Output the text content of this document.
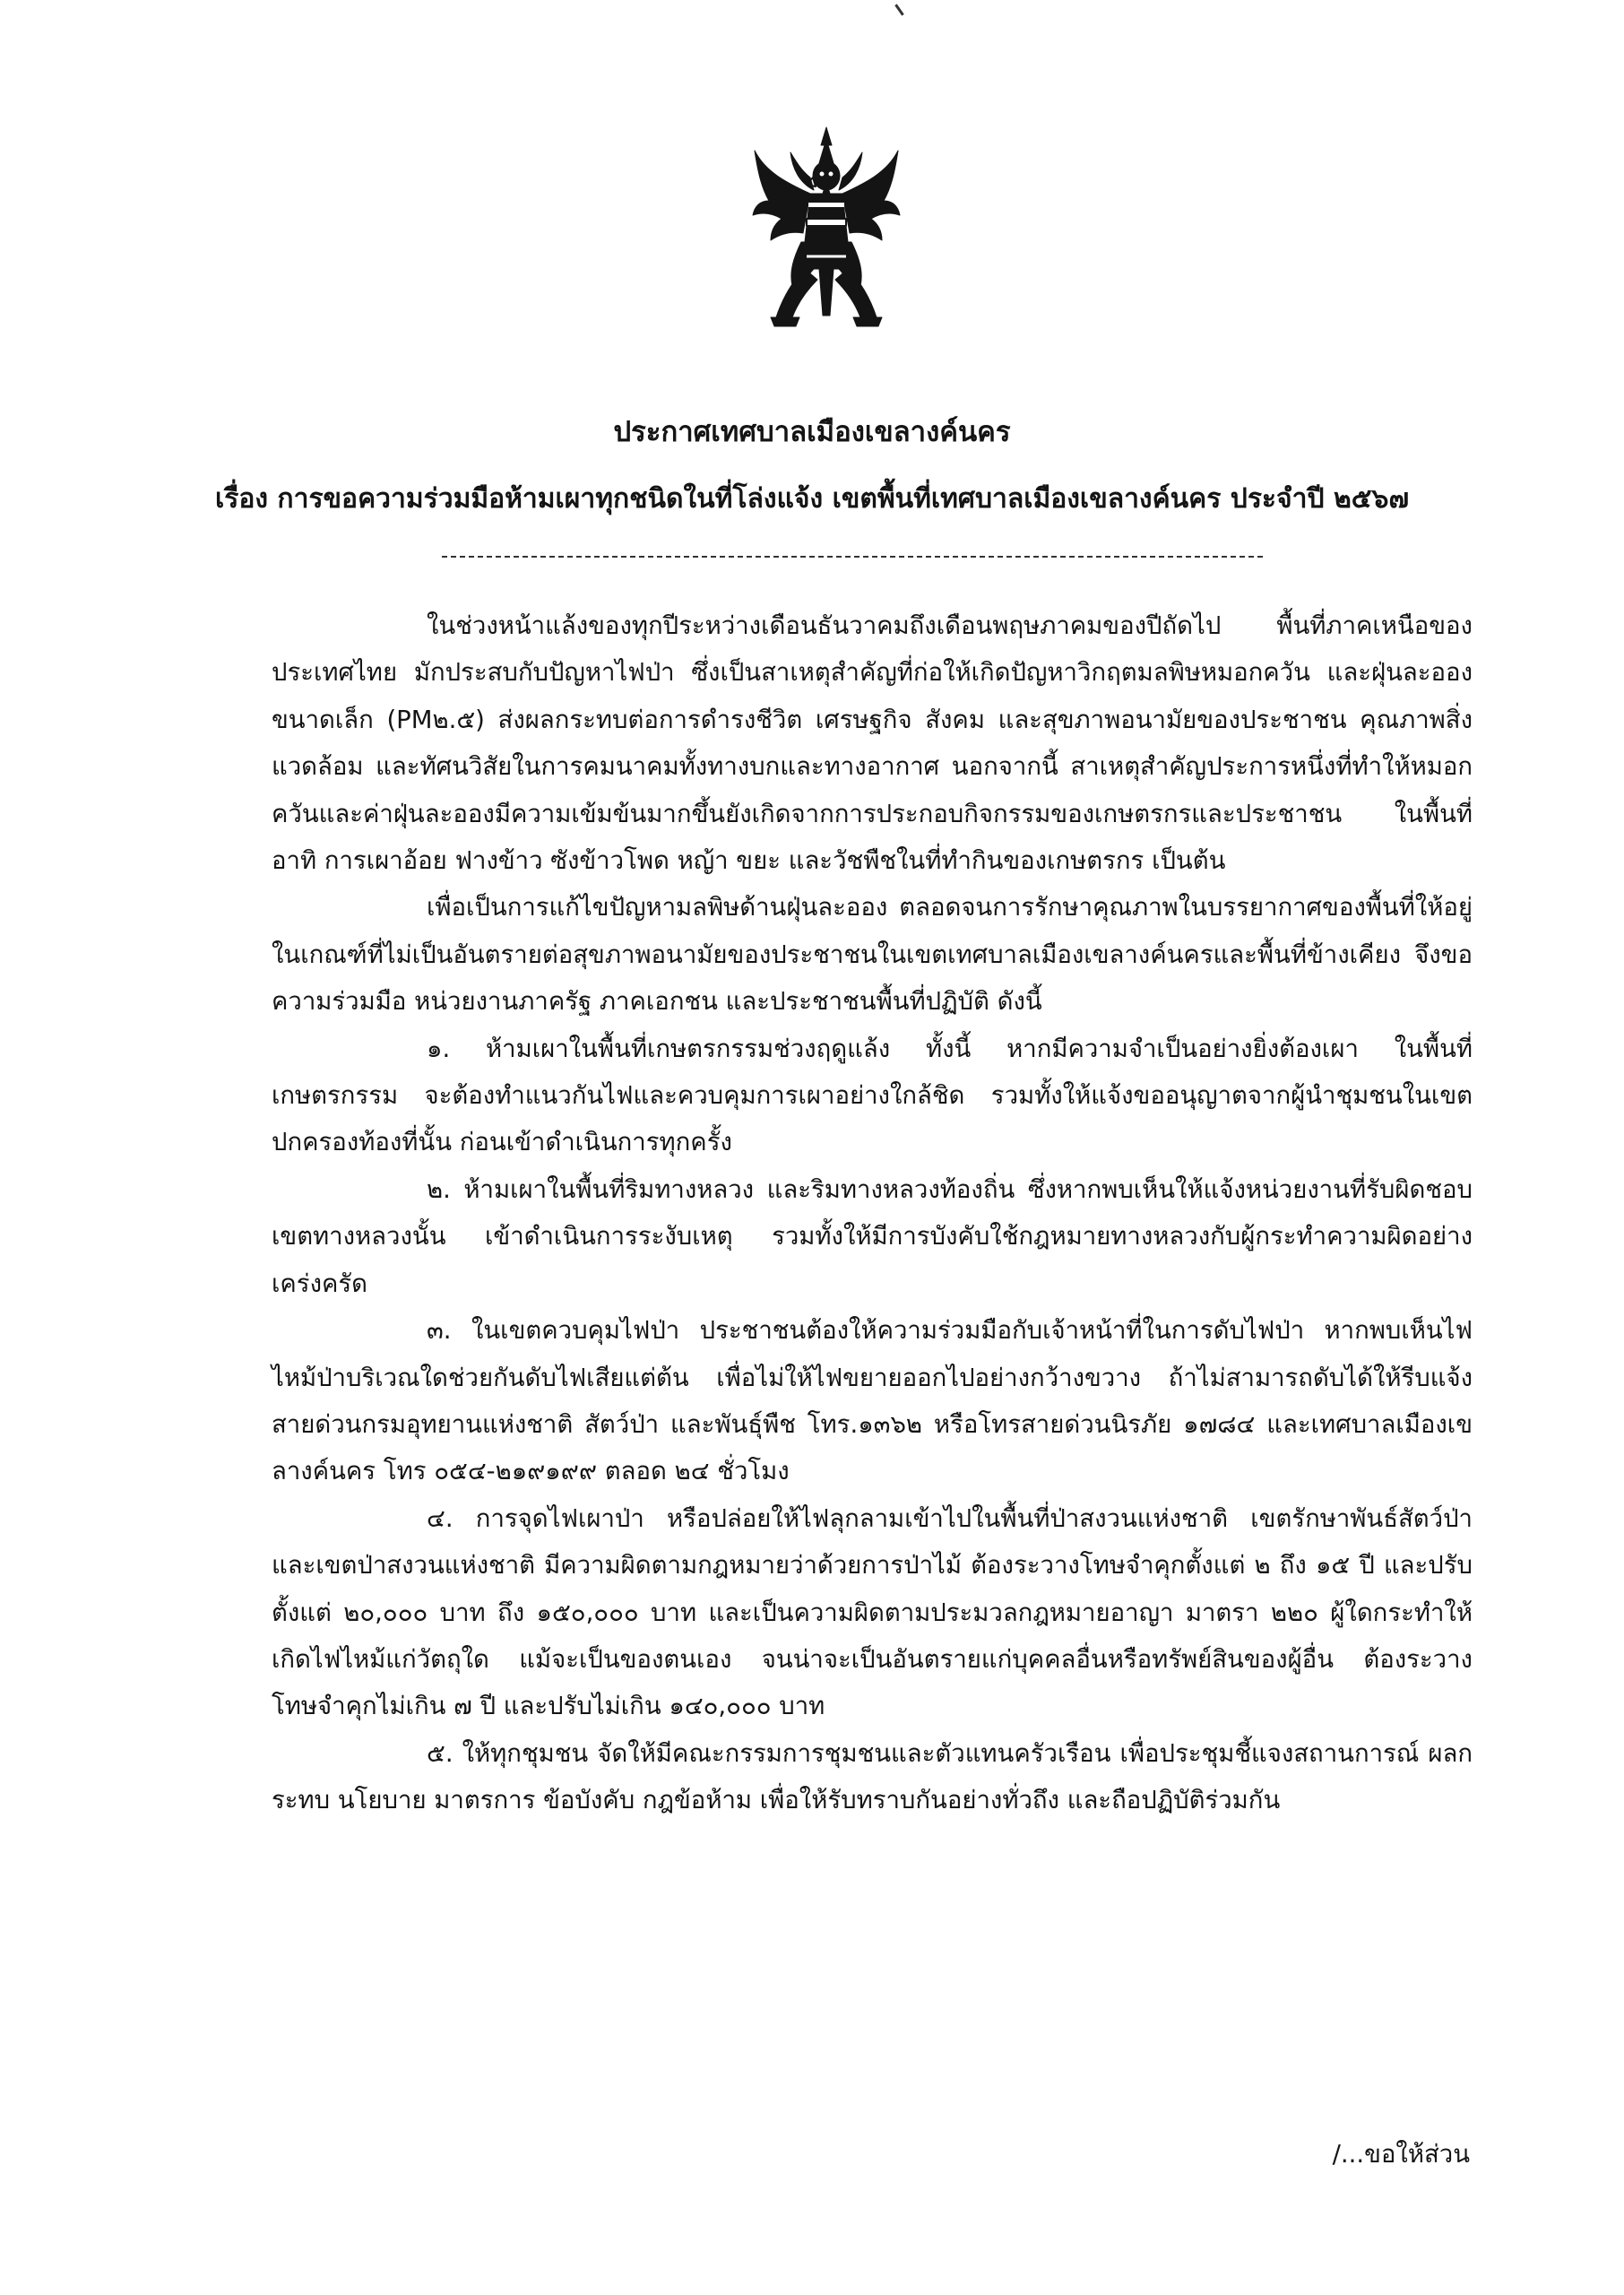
ประกาศเทศบาลเมืองเขลางค์นคร
เรื่อง การขอความร่วมมือห้ามเผาทุกชนิดในที่โล่งแจ้ง เขตพื้นที่เทศบาลเมืองเขลางค์นคร ประจำปี ๒๕๖๗

ในช่วงหน้าแล้งของทุกปีระหว่างเดือนธันวาคมถึงเดือนพฤษภาคมของปีถัดไป พื้นที่ภาคเหนือของประเทศไทย มักประสบกับปัญหาไฟป่า ซึ่งเป็นสาเหตุสำคัญที่ก่อให้เกิดปัญหาวิกฤตมลพิษหมอกควัน และฝุ่นละอองขนาดเล็ก (PM๒.๕) ส่งผลกระทบต่อการดำรงชีวิต เศรษฐกิจ สังคม และสุขภาพอนามัยของประชาชน คุณภาพสิ่งแวดล้อม และทัศนวิสัยในการคมนาคมทั้งทางบกและทางอากาศ นอกจากนี้ สาเหตุสำคัญประการหนึ่งที่ทำให้หมอกควันและค่าฝุ่นละอองมีความเข้มข้นมากขึ้นยังเกิดจากการประกอบกิจกรรมของเกษตรกรและประชาชน ในพื้นที่ อาทิ การเผาอ้อย ฟางข้าว ซังข้าวโพด หญ้า ขยะ และวัชพืชในที่ทำกินของเกษตรกร เป็นต้น

เพื่อเป็นการแก้ไขปัญหามลพิษด้านฝุ่นละออง ตลอดจนการรักษาคุณภาพในบรรยากาศของพื้นที่ให้อยู่ในเกณฑ์ที่ไม่เป็นอันตรายต่อสุขภาพอนามัยของประชาชนในเขตเทศบาลเมืองเขลางค์นครและพื้นที่ข้างเคียง จึงขอความร่วมมือ หน่วยงานภาครัฐ ภาคเอกชน และประชาชนพื้นที่ปฏิบัติ ดังนี้

๑. ห้ามเผาในพื้นที่เกษตรกรรมช่วงฤดูแล้ง ทั้งนี้ หากมีความจำเป็นอย่างยิ่งต้องเผา ในพื้นที่เกษตรกรรม จะต้องทำแนวกันไฟและควบคุมการเผาอย่างใกล้ชิด รวมทั้งให้แจ้งขออนุญาตจากผู้นำชุมชนในเขตปกครองท้องที่นั้น ก่อนเข้าดำเนินการทุกครั้ง

๒. ห้ามเผาในพื้นที่ริมทางหลวง และริมทางหลวงท้องถิ่น ซึ่งหากพบเห็นให้แจ้งหน่วยงานที่รับผิดชอบเขตทางหลวงนั้น เข้าดำเนินการระงับเหตุ รวมทั้งให้มีการบังคับใช้กฎหมายทางหลวงกับผู้กระทำความผิดอย่างเคร่งครัด

๓. ในเขตควบคุมไฟป่า ประชาชนต้องให้ความร่วมมือกับเจ้าหน้าที่ในการดับไฟป่า หากพบเห็นไฟไหม้ป่าบริเวณใดช่วยกันดับไฟเสียแต่ต้น เพื่อไม่ให้ไฟขยายออกไปอย่างกว้างขวาง ถ้าไม่สามารถดับได้ให้รีบแจ้งสายด่วนกรมอุทยานแห่งชาติ สัตว์ป่า และพันธุ์พืช โทร.๑๓๖๒ หรือโทรสายด่วนนิรภัย ๑๗๘๔ และเทศบาลเมืองเขลางค์นคร โทร ๐๕๔-๒๑๙๑๙๙ ตลอด ๒๔ ชั่วโมง

๔. การจุดไฟเผาป่า หรือปล่อยให้ไฟลุกลามเข้าไปในพื้นที่ป่าสงวนแห่งชาติ เขตรักษาพันธ์สัตว์ป่า และเขตป่าสงวนแห่งชาติ มีความผิดตามกฎหมายว่าด้วยการป่าไม้ ต้องระวางโทษจำคุกตั้งแต่ ๒ ถึง ๑๕ ปี และปรับตั้งแต่ ๒๐,๐๐๐ บาท ถึง ๑๕๐,๐๐๐ บาท และเป็นความผิดตามประมวลกฎหมายอาญา มาตรา ๒๒๐ ผู้ใดกระทำให้เกิดไฟไหม้แก่วัตถุใด แม้จะเป็นของตนเอง จนน่าจะเป็นอันตรายแก่บุคคลอื่นหรือทรัพย์สินของผู้อื่น ต้องระวางโทษจำคุกไม่เกิน ๗ ปี และปรับไม่เกิน ๑๔๐,๐๐๐ บาท

๕. ให้ทุกชุมชน จัดให้มีคณะกรรมการชุมชนและตัวแทนครัวเรือน เพื่อประชุมชี้แจงสถานการณ์ ผลกระทบ นโยบาย มาตรการ ข้อบังคับ กฎข้อห้าม เพื่อให้รับทราบกันอย่างทั่วถึง และถือปฏิบัติร่วมกัน

/...ขอให้ส่วน
